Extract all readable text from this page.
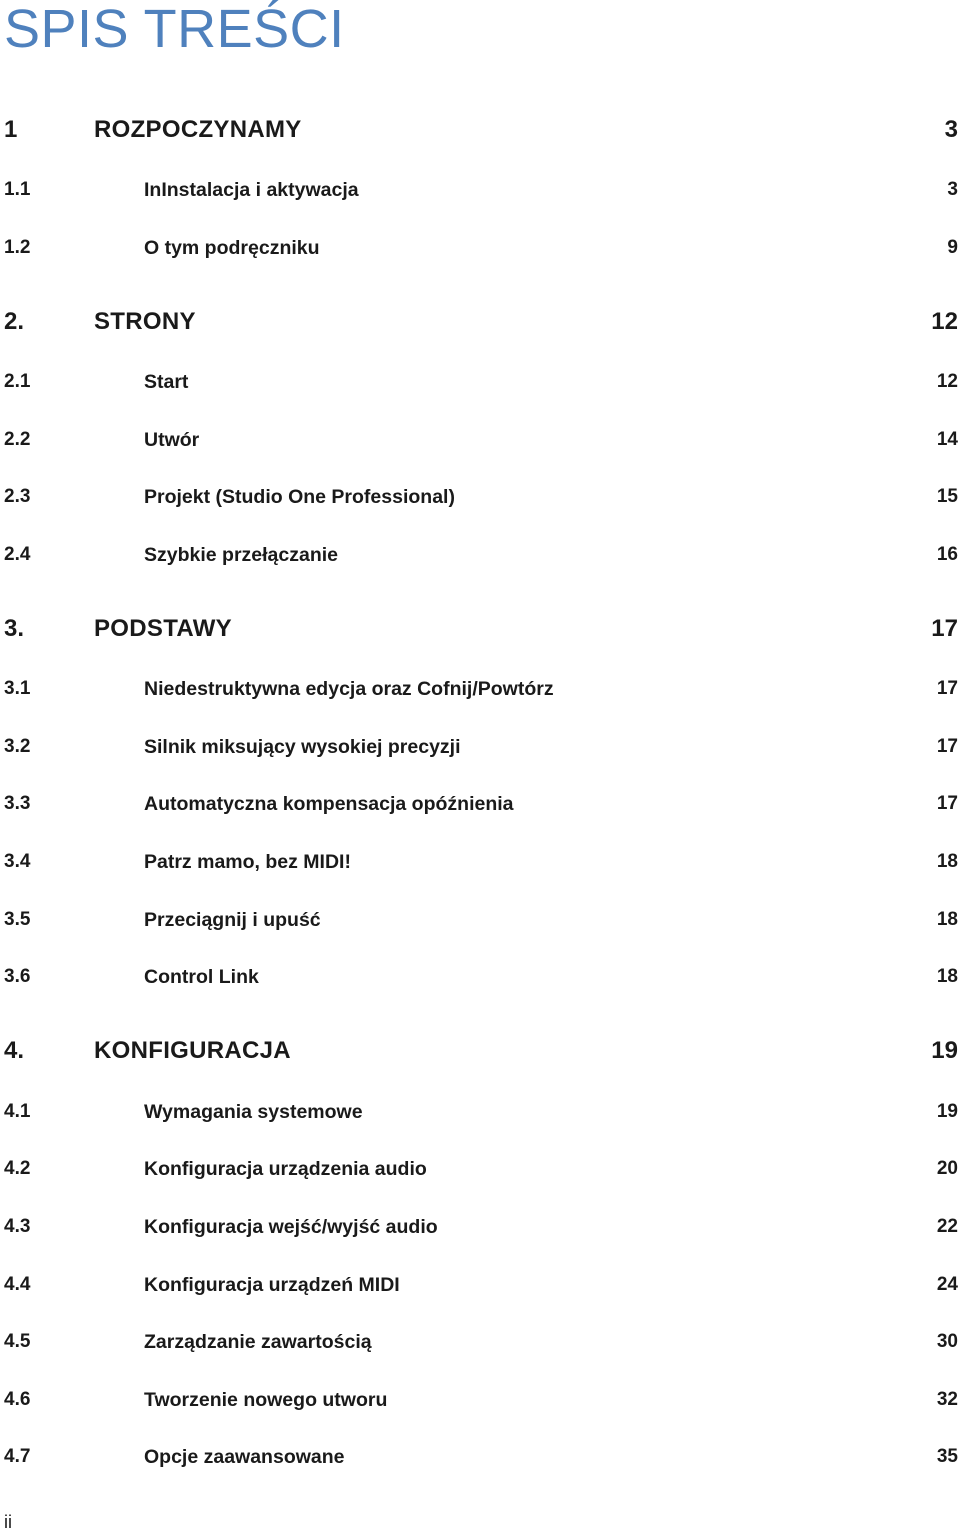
SPIS TREŚCI
1	ROZPOCZYNAMY	3
1.1	InInstalacja i aktywacja	3
1.2	O tym podręczniku	9
2.	STRONY	12
2.1	Start	12
2.2	Utwór	14
2.3	Projekt (Studio One Professional)	15
2.4	Szybkie przełączanie	16
3.	PODSTAWY	17
3.1	Niedestruktywna edycja oraz Cofnij/Powtórz	17
3.2	Silnik miksujący wysokiej precyzji	17
3.3	Automatyczna kompensacja opóźnienia	17
3.4	Patrz mamo, bez MIDI!	18
3.5	Przeciągnij i upuść	18
3.6	Control Link	18
4.	KONFIGURACJA	19
4.1	Wymagania systemowe	19
4.2	Konfiguracja urządzenia audio	20
4.3	Konfiguracja wejść/wyjść audio	22
4.4	Konfiguracja urządzeń MIDI	24
4.5	Zarządzanie zawartością	30
4.6	Tworzenie nowego utworu	32
4.7	Opcje zaawansowane	35
ii
